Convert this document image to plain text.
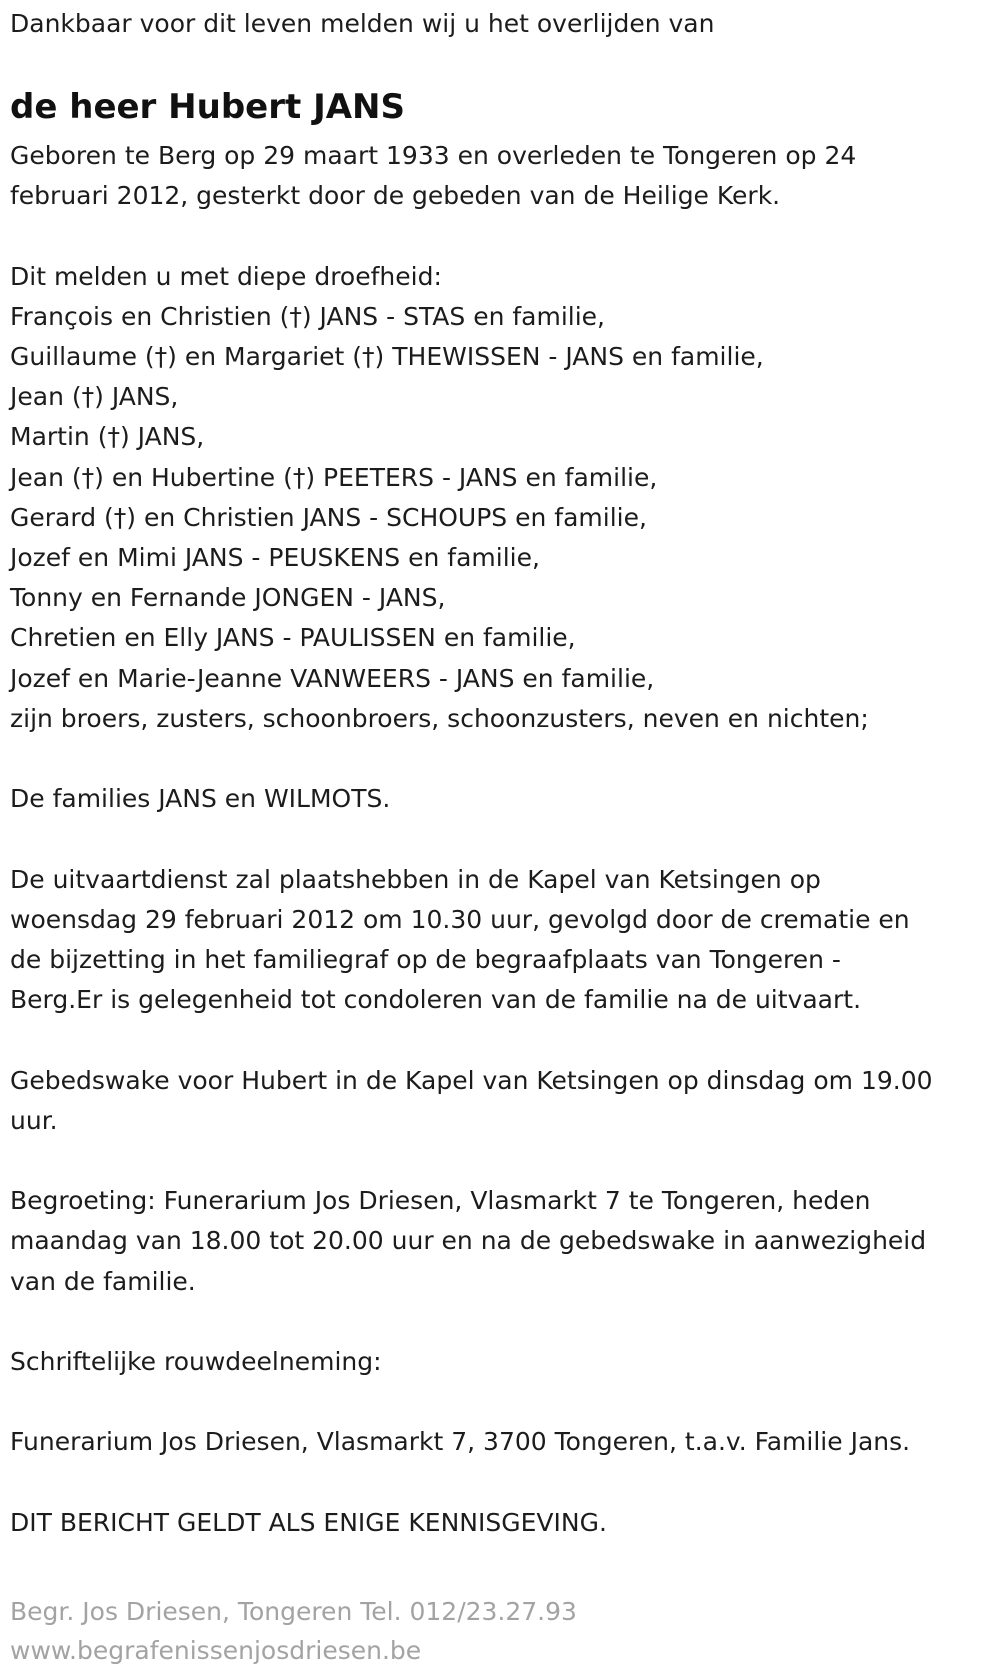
Dankbaar voor dit leven melden wij u het overlijden van

de heer Hubert JANS

Geboren te Berg op 29 maart 1933 en overleden te Tongeren op 24

februari 2012, gesterkt door de gebeden van de Heilige Kerk.

Dit melden u met diepe droefheid:

François en Christien (†) JANS - STAS en familie,

Guillaume (†) en Margariet (†) THEWISSEN - JANS en familie,

Jean (†) JANS,

Martin (†) JANS,

Jean (†) en Hubertine (†) PEETERS - JANS en familie,

Gerard (†) en Christien JANS - SCHOUPS en familie,

Jozef en Mimi JANS - PEUSKENS en familie,

Tonny en Fernande JONGEN - JANS,

Chretien en Elly JANS - PAULISSEN en familie,

Jozef en Marie-Jeanne VANWEERS - JANS en familie,

zijn broers, zusters, schoonbroers, schoonzusters, neven en nichten;

De families JANS en WILMOTS.

De uitvaartdienst zal plaatshebben in de Kapel van Ketsingen op

woensdag 29 februari 2012 om 10.30 uur, gevolgd door de crematie en

de bijzetting in het familiegraf op de begraafplaats van Tongeren -

Berg.Er is gelegenheid tot condoleren van de familie na de uitvaart.

Gebedswake voor Hubert in de Kapel van Ketsingen op dinsdag om 19.00

uur.

Begroeting: Funerarium Jos Driesen, Vlasmarkt 7 te Tongeren, heden

maandag van 18.00 tot 20.00 uur en na de gebedswake in aanwezigheid

van de familie.

Schriftelijke rouwdeelneming:

Funerarium Jos Driesen, Vlasmarkt 7, 3700 Tongeren, t.a.v. Familie Jans.

DIT BERICHT GELDT ALS ENIGE KENNISGEVING.

Begr. Jos Driesen, Tongeren Tel. 012/23.27.93

www.begrafenissenjosdriesen.be
